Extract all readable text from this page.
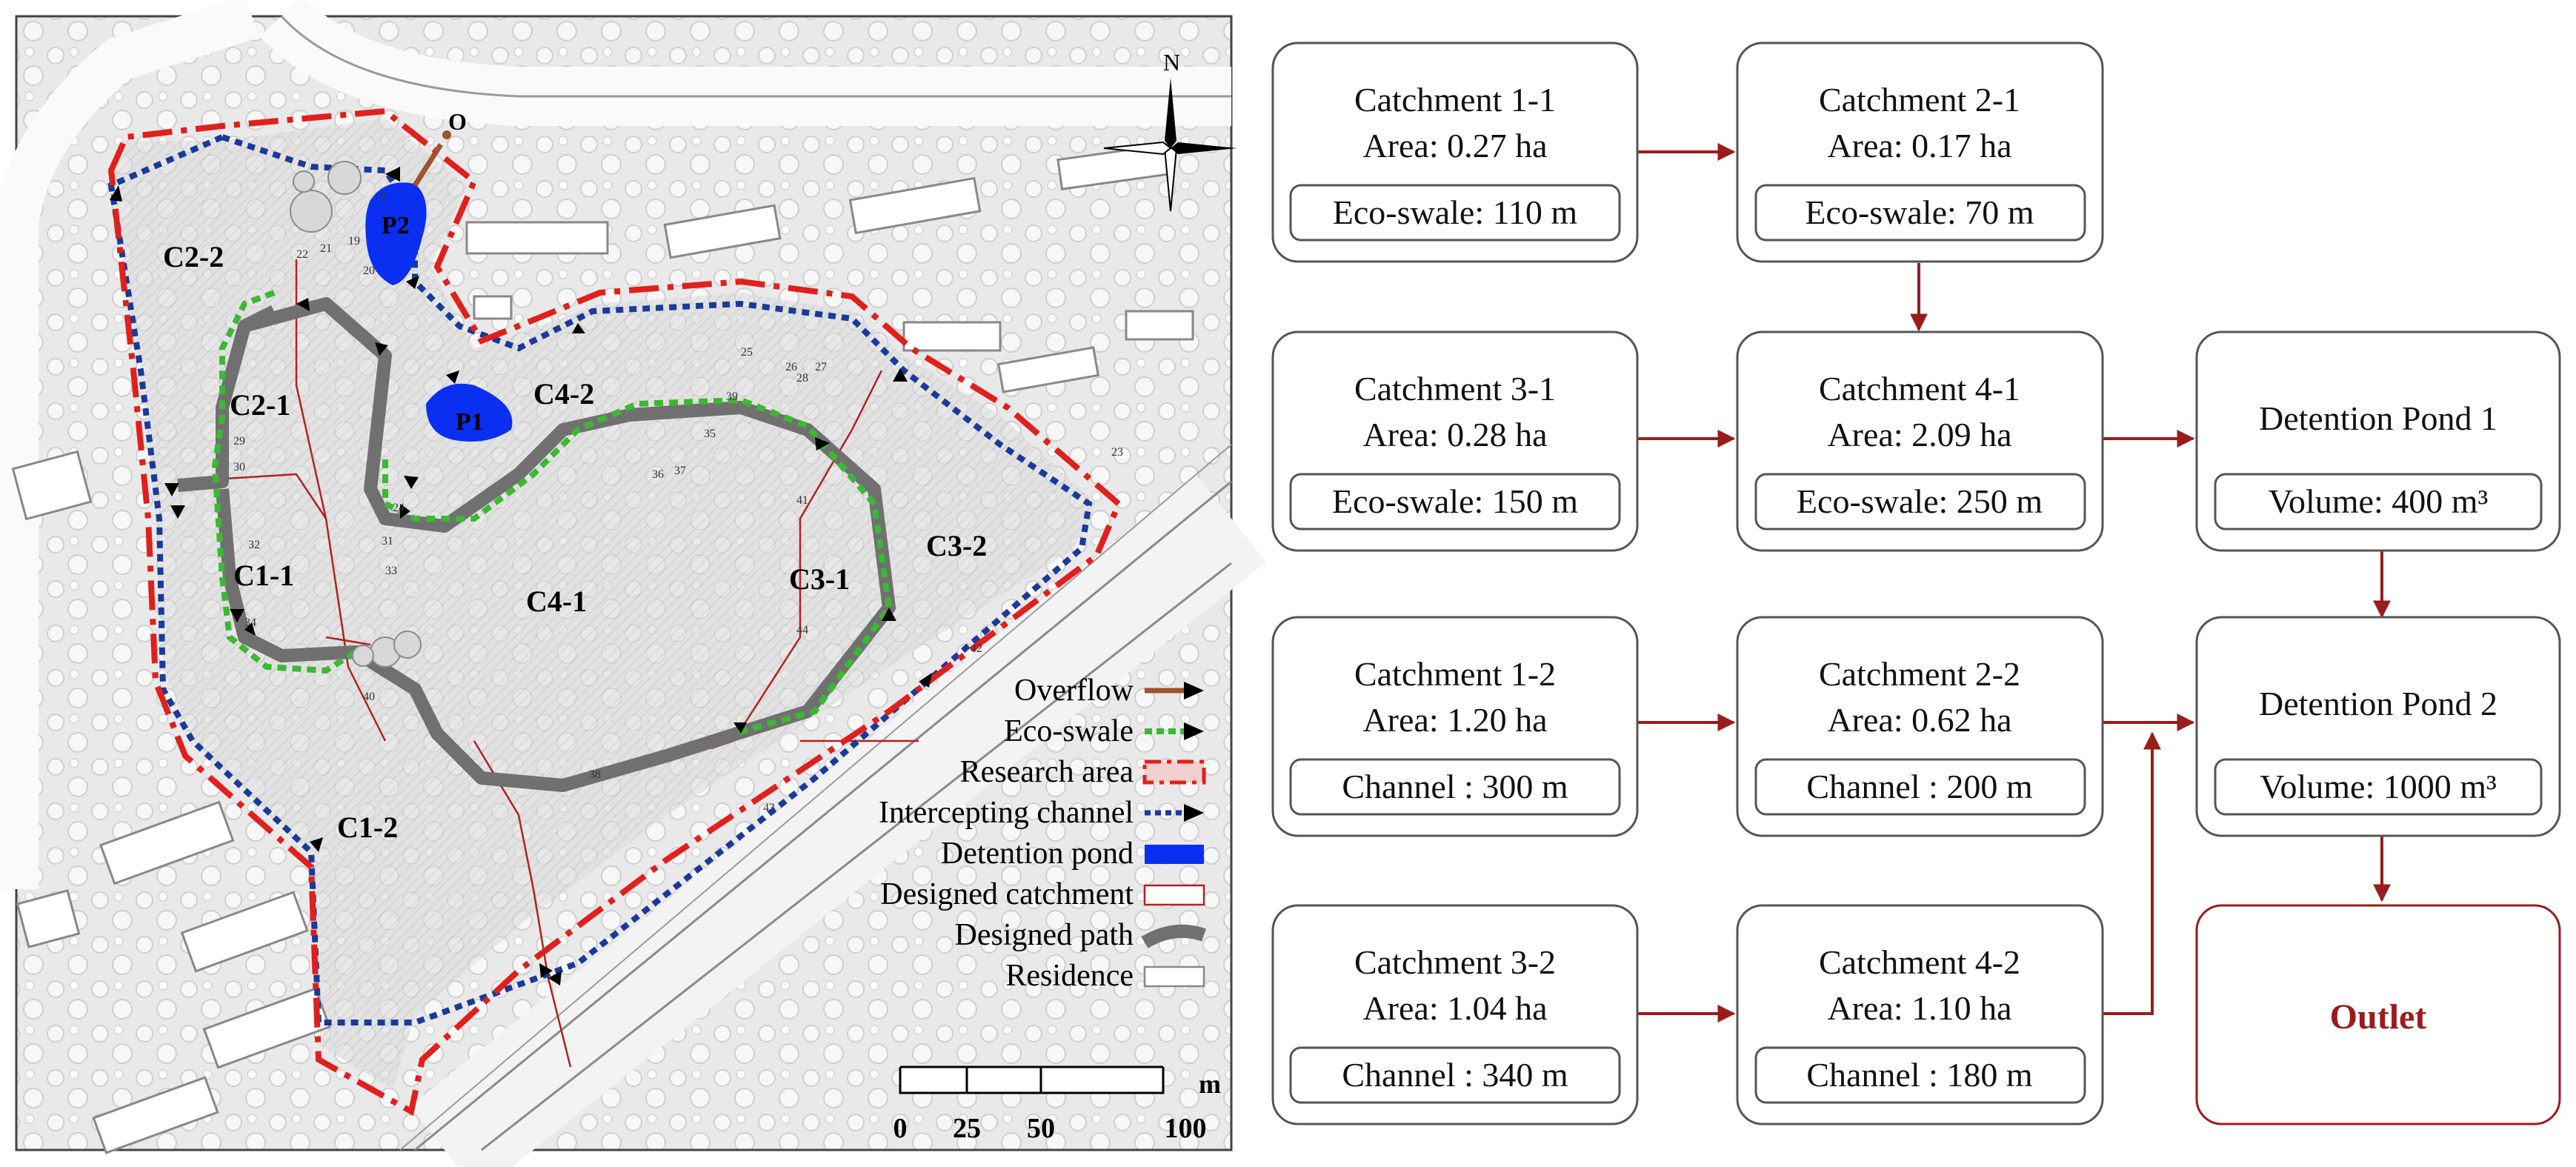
N
O
P2
P1
C2-2
C2-1
C1-1
C1-2
C4-2
C4-1
C3-1
C3-2
18
19
20
21
22
23
24
25
26 27
28
29
30
31
32
33
34
35
36 37
38
39
40
41
42
43
44
Overflow
Eco-swale
Research area
Intercepting channel
Detention pond
Designed catchment
Designed path
Residence
m
0 25 50	100
Catchment 1-1
Area: 0.27 ha
Eco-swale: 110 m
Catchment 2-1
Area: 0.17 ha
Eco-swale: 70 m
Catchment 3-1
Area: 0.28 ha
Eco-swale: 150 m
Catchment 4-1
Area: 2.09 ha
Eco-swale: 250 m
Detention Pond 1
Volume: 400 m³
Catchment 1-2
Area: 1.20 ha
Channel : 300 m
Catchment 2-2
Area: 0.62 ha
Channel : 200 m
Detention Pond 2
Volume: 1000 m³
Catchment 3-2
Area: 1.04 ha
Channel : 340 m
Catchment 4-2
Area: 1.10 ha
Channel : 180 m
Outlet
